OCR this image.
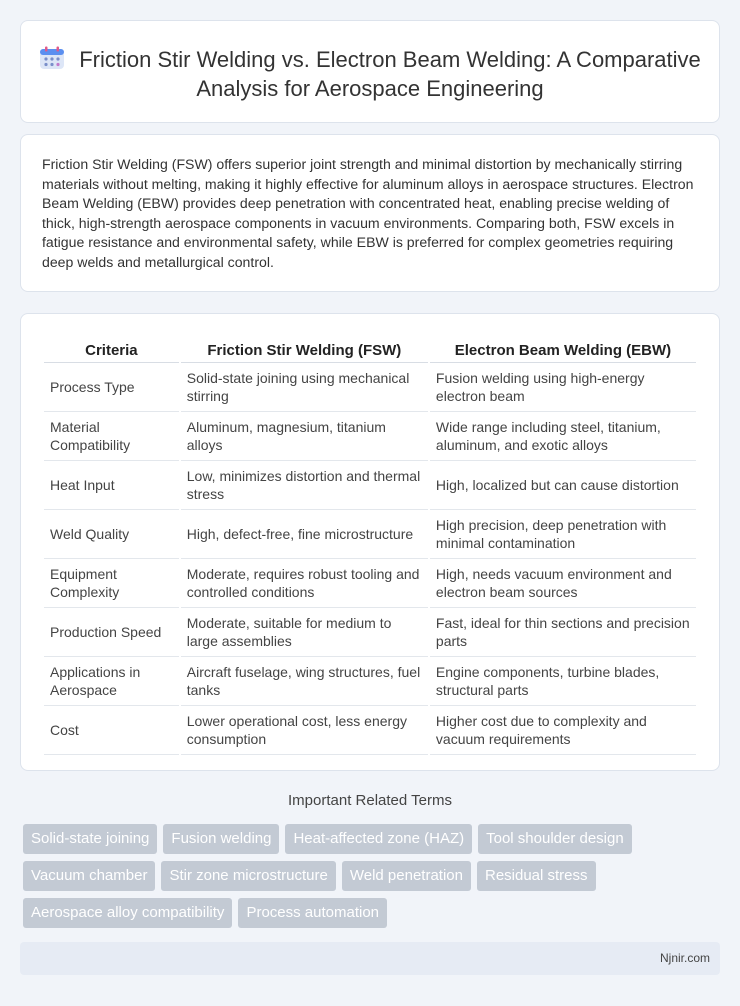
Friction Stir Welding vs. Electron Beam Welding: A Comparative Analysis for Aerospace Engineering

Friction Stir Welding (FSW) offers superior joint strength and minimal distortion by mechanically stirring materials without melting, making it highly effective for aluminum alloys in aerospace structures. Electron Beam Welding (EBW) provides deep penetration with concentrated heat, enabling precise welding of thick, high-strength aerospace components in vacuum environments. Comparing both, FSW excels in fatigue resistance and environmental safety, while EBW is preferred for complex geometries requiring deep welds and metallurgical control.

Criteria	Friction Stir Welding (FSW)	Electron Beam Welding (EBW)
Process Type	Solid-state joining using mechanical stirring	Fusion welding using high-energy electron beam
Material Compatibility	Aluminum, magnesium, titanium alloys	Wide range including steel, titanium, aluminum, and exotic alloys
Heat Input	Low, minimizes distortion and thermal stress	High, localized but can cause distortion
Weld Quality	High, defect-free, fine microstructure	High precision, deep penetration with minimal contamination
Equipment Complexity	Moderate, requires robust tooling and controlled conditions	High, needs vacuum environment and electron beam sources
Production Speed	Moderate, suitable for medium to large assemblies	Fast, ideal for thin sections and precision parts
Applications in Aerospace	Aircraft fuselage, wing structures, fuel tanks	Engine components, turbine blades, structural parts
Cost	Lower operational cost, less energy consumption	Higher cost due to complexity and vacuum requirements
Important Related Terms
Solid-state joining	Fusion welding	Heat-affected zone (HAZ)	Tool shoulder design
Vacuum chamber	Stir zone microstructure	Weld penetration	Residual stress
Aerospace alloy compatibility	Process automation
Njnir.com
